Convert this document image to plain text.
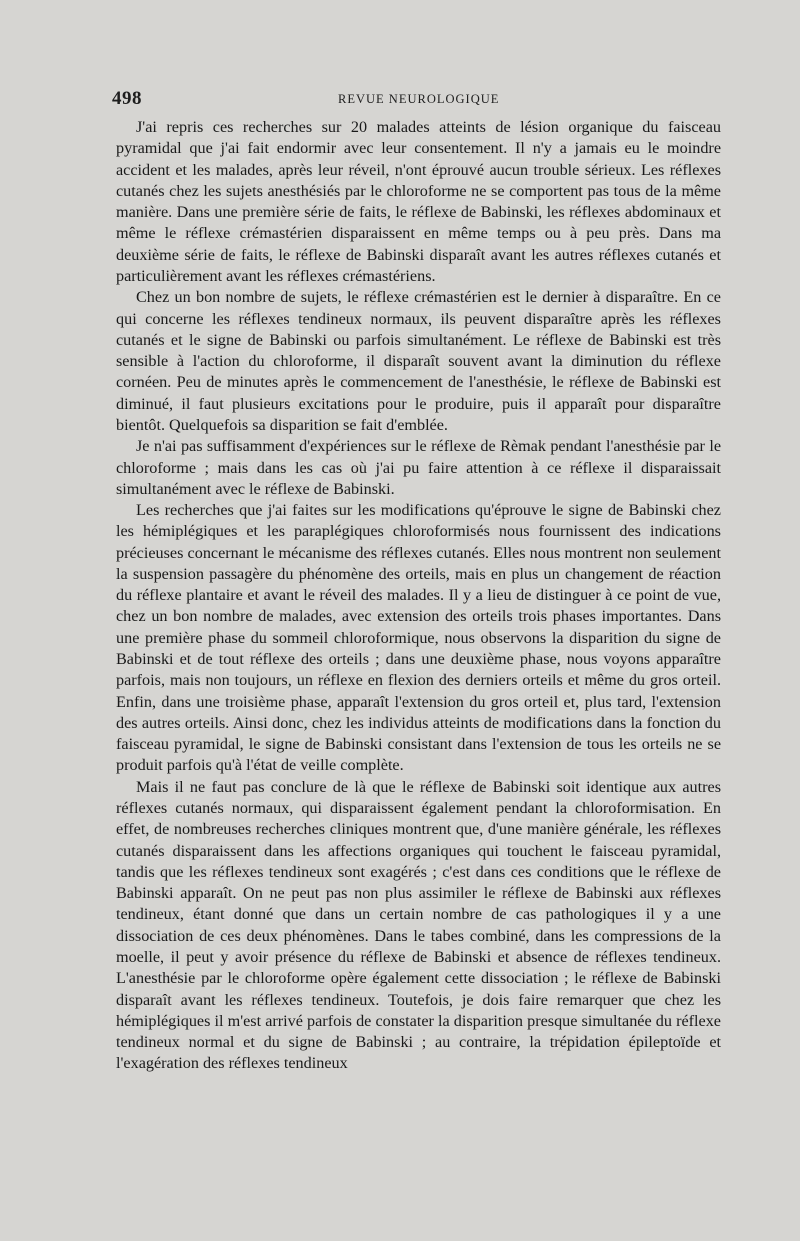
498	REVUE NEUROLOGIQUE

J'ai repris ces recherches sur 20 malades atteints de lésion organique du faisceau pyramidal que j'ai fait endormir avec leur consentement. Il n'y a jamais eu le moindre accident et les malades, après leur réveil, n'ont éprouvé aucun trouble sérieux. Les réflexes cutanés chez les sujets anesthésiés par le chloroforme ne se comportent pas tous de la même manière. Dans une première série de faits, le réflexe de Babinski, les réflexes abdominaux et même le réflexe crémastérien disparaissent en même temps ou à peu près. Dans ma deuxième série de faits, le réflexe de Babinski disparaît avant les autres réflexes cutanés et particulièrement avant les réflexes crémastériens.

Chez un bon nombre de sujets, le réflexe crémastérien est le dernier à disparaître. En ce qui concerne les réflexes tendineux normaux, ils peuvent disparaître après les réflexes cutanés et le signe de Babinski ou parfois simultanément. Le réflexe de Babinski est très sensible à l'action du chloroforme, il disparaît souvent avant la diminution du réflexe cornéen. Peu de minutes après le commencement de l'anesthésie, le réflexe de Babinski est diminué, il faut plusieurs excitations pour le produire, puis il apparaît pour disparaître bientôt. Quelquefois sa disparition se fait d'emblée.

Je n'ai pas suffisamment d'expériences sur le réflexe de Rèmak pendant l'anesthésie par le chloroforme ; mais dans les cas où j'ai pu faire attention à ce réflexe il disparaissait simultanément avec le réflexe de Babinski.

Les recherches que j'ai faites sur les modifications qu'éprouve le signe de Babinski chez les hémiplégiques et les paraplégiques chloroformisés nous fournissent des indications précieuses concernant le mécanisme des réflexes cutanés. Elles nous montrent non seulement la suspension passagère du phénomène des orteils, mais en plus un changement de réaction du réflexe plantaire et avant le réveil des malades. Il y a lieu de distinguer à ce point de vue, chez un bon nombre de malades, avec extension des orteils trois phases importantes. Dans une première phase du sommeil chloroformique, nous observons la disparition du signe de Babinski et de tout réflexe des orteils ; dans une deuxième phase, nous voyons apparaître parfois, mais non toujours, un réflexe en flexion des derniers orteils et même du gros orteil. Enfin, dans une troisième phase, apparaît l'extension du gros orteil et, plus tard, l'extension des autres orteils. Ainsi donc, chez les individus atteints de modifications dans la fonction du faisceau pyramidal, le signe de Babinski consistant dans l'extension de tous les orteils ne se produit parfois qu'à l'état de veille complète.

Mais il ne faut pas conclure de là que le réflexe de Babinski soit identique aux autres réflexes cutanés normaux, qui disparaissent également pendant la chloroformisation. En effet, de nombreuses recherches cliniques montrent que, d'une manière générale, les réflexes cutanés disparaissent dans les affections organiques qui touchent le faisceau pyramidal, tandis que les réflexes tendineux sont exagérés ; c'est dans ces conditions que le réflexe de Babinski apparaît. On ne peut pas non plus assimiler le réflexe de Babinski aux réflexes tendineux, étant donné que dans un certain nombre de cas pathologiques il y a une dissociation de ces deux phénomènes. Dans le tabes combiné, dans les compressions de la moelle, il peut y avoir présence du réflexe de Babinski et absence de réflexes tendineux. L'anesthésie par le chloroforme opère également cette dissociation ; le réflexe de Babinski disparaît avant les réflexes tendineux. Toutefois, je dois faire remarquer que chez les hémiplégiques il m'est arrivé parfois de constater la disparition presque simultanée du réflexe tendineux normal et du signe de Babinski ; au contraire, la trépidation épileptoïde et l'exagération des réflexes tendineux
